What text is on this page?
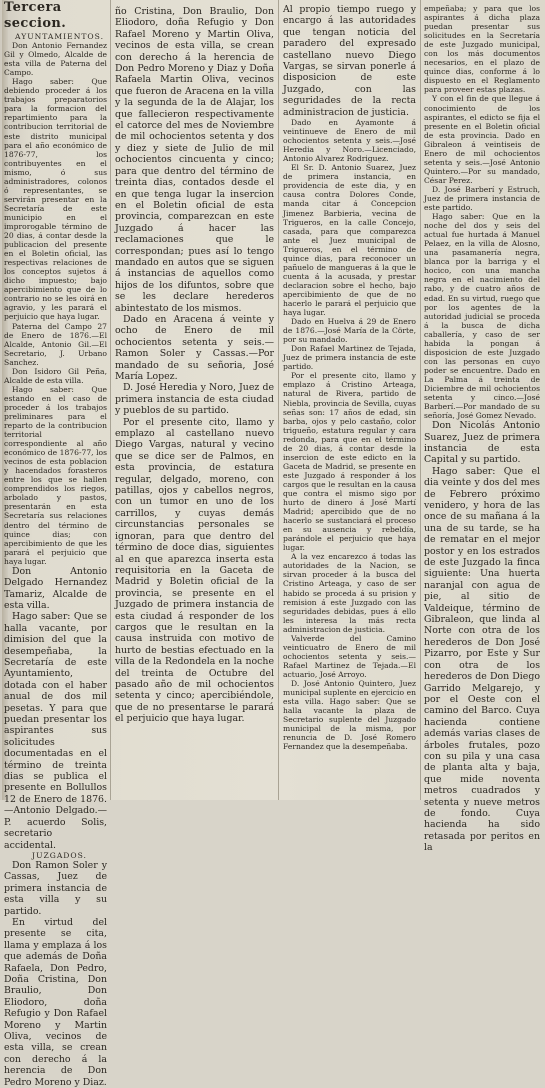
Tercera seccion.

AYUNTAMIENTOS.

Don Antonio Fernandez Gil y Olmedo, Alcalde de esta villa de Paterna del Campo.

Hago saber: Que debiendo proceder á los trabajos preparatorios para la formacion del repartimiento para la contribucion territorial de este distrito municipal para el año económico de 1876-77, los contribuyentes en el mismo, ó sus administradores, colonos ó representantes, se servirán presentar en la Secretaría de este municipio en el improrogable término de 20 dias, á contar desde la publicacion del presente en el Boletin oficial, las respectivas relaciones de los conceptos sujetos á dicho impuesto; bajo apercibimiento que de lo contrario no se les oirá en agravio, y les parará el perjuicio que haya lugar.

Paterna del Campo 27 de Enero de 1876.—El Alcalde, Antonio Gil.—El Secretario, J. Urbano Sanchez.

Don Isidoro Gil Peña, Alcalde de esta villa.

Hago saber: Que estando en el caso de proceder á los trabajos preliminares para el reparto de la contribucion territorial correspondiente al año económico de 1876-77, los vecinos de esta poblacion y hacendados forasteros entre los que se hallen comprendidos los riegos, arbolado y pastos, presentarán en esta Secretaría sus relaciones dentro del término de quince dias; con apercibimiento de que les parará el perjuicio que haya lugar.

Don Antonio Delgado Hernandez Tamariz, Alcalde de esta villa.

Hago saber: Que se halla vacante, por dimision del que la desempeñaba, la Secretaría de este Ayuntamiento, dotada con el haber anual de dos mil pesetas. Y para que puedan presentar los aspirantes sus solicitudes documentadas en el término de treinta dias se publica el presente en Bollullos 12 de Enero de 1876.—Antonio Delgado.—P. acuerdo Solis, secretario accidental.

JUZGADOS.

Don Ramon Soler y Cassas, Juez de primera instancia de esta villa y su partido.

En virtud del presente se cita, llama y emplaza á los que además de Doña Rafaela, Don Pedro, Doña Cristina, Don Braulio, Don Eliodoro, doña Refugio y Don Rafael Moreno y Martin Oliva, vecinos de esta villa, se crean con derecho á la herencia de Don Pedro Moreno y Diaz.

ño Cristina, Don Braulio, Don Eliodoro, doña Refugio y Don Rafael Moreno y Martin Oliva, vecinos de esta villa, se crean con derecho á la herencia de Don Pedro Moreno y Diaz y Doña Rafaela Martin Oliva, vecinos que fueron de Aracena en la villa y la segunda de la de Alajar, los que fallecieron respectivamente el catorce del mes de Noviembre de mil ochocientos setenta y dos y diez y siete de Julio de mil ochocientos cincuenta y cinco; para que dentro del término de treinta dias, contados desde el en que tenga lugar la insercion en el Boletin oficial de esta provincia, comparezcan en este Juzgado á hacer las reclamaciones que le correspondan; pues así lo tengo mandado en autos que se siguen á instancias de aquellos como hijos de los difuntos, sobre que se les declare herederos abintestato de los mismos.

Dado en Aracena á veinte y ocho de Enero de mil ochocientos setenta y seis.—Ramon Soler y Cassas.—Por mandado de su señoria, José María Lopez.

D. José Heredia y Noro, Juez de primera instancia de esta ciudad y pueblos de su partido.

Por el presente cito, llamo y emplazo al castellano nuevo Diego Vargas, natural y vecino que se dice ser de Palmos, en esta provincia, de estatura regular, delgado, moreno, con patillas, ojos y cabellos negros, con un tumor en uno de los carrillos, y cuyas demás circunstancias personales se ignoran, para que dentro del término de doce dias, siguientes al en que aparezca inserta esta requisitoria en la Gaceta de Madrid y Boletin oficial de la provincia, se presente en el Juzgado de primera instancia de esta ciudad á responder de los cargos que le resultan en la causa instruida con motivo de hurto de bestias efectuado en la villa de la Redondela en la noche del treinta de Octubre del pasado año de mil ochocientos setenta y cinco; apercibiéndole, que de no presentarse le parará el perjuicio que haya lugar.

Al propio tiempo ruego y encargo á las autoridades que tengan noticia del paradero del expresado castellano nuevo Diego Vargas, se sirvan ponerle á disposicion de este Juzgado, con las seguridades de la recta administracion de justicia.

Dado en Ayamonte á veintinueve de Enero de mil ochocientos setenta y seis.—José Heredia y Noro.—Licenciado, Antonio Alvarez Rodriguez.

El Sr. D. Antonio Suarez, Juez de primera instancia, en providencia de este dia, y en causa contra Dolores Conde, manda citar á Concepcion Jimenez Barbieria, vecina de Trigueros, en la calle Concejo, casada, para que comparezca ante el Juez municipal de Trigueros, en el término de quince dias, para reconocer un pañuelo de mangueras á la que le cuenta á la acusada, y prestar declaracion sobre el hecho, bajo apercibimiento de que de no hacerlo le parará el perjuicio que haya lugar.

Dado en Huelva á 29 de Enero de 1876.—José María de la Cörte, por su mandado.

Don Rafael Martinez de Tejada, Juez de primera instancia de este partido.

Por el presente cito, llamo y emplazo á Cristino Arteaga, natural de Rivera, partido de Niebla, provincia de Sevilla, cuyas señas son: 17 años de edad, sin barba, ojos y pelo castaño, color trigueño, estatura regular y cara redonda, para que en el término de 20 dias, á contar desde la insercion de este edicto en la Gaceta de Madrid, se presente en este Juzgado á responder á los cargos que le resultan en la causa que contra el mismo sigo por hurto de dinero á José Martí Madrid; apercibido que de no hacerlo se sustanciará el proceso en su ausencia y rebeldía, parándole el perjuicio que haya lugar.

A la vez encarezco á todas las autoridades de la Nacion, se sirvan proceder á la busca del Cristino Arteaga, y caso de ser habido se proceda á su prision y remision á este Juzgado con las seguridades debidas, pues á ello les interesa la más recta administracion de justicia.

Valverde del Camino veinticuatro de Enero de mil ochocientos setenta y seis.—Rafael Martinez de Tejada.—El actuario, José Arroyo.

D. José Antonio Quintero, Juez municipal suplente en ejercicio en esta villa. Hago saber: Que se halla vacante la plaza de Secretario suplente del Juzgado municipal de la misma, por renuncia de D. José Romero Fernandez que la desempeñaba.

empeñaba; y para que los aspirantes á dicha plaza puedan presentar sus solicitudes en la Secretaría de este Juzgado municipal, con los más documentos necesarios, en el plazo de quince dias, conforme á lo dispuesto en el Reglamento para proveer estas plazas.

Y con el fin de que llegue á conocimiento de los aspirantes, el edicto se fija el presente en el Boletin oficial de esta provincia. Dado en Gibraleon á veintiseis de Enero de mil ochocientos setenta y seis.—José Antonio Quintero.—Por su mandado, César Perez.

D. José Barberí y Estruch, Juez de primera instancia de este partido.

Hago saber: Que en la noche del dos y seis del actual fue hurtada á Manuel Pelaez, en la villa de Alosno, una pasamanería negra, blanca por la barriga y el hocico, con una mancha negra en el nacimiento del rabo, y de cuatro años de edad. En su virtud, ruego que por los agentes de la autoridad judicial se proceda á la busca de dicha caballería, y caso de ser habida la pongan á disposicion de este Juzgado con las personas en cuyo poder se encuentre. Dado en La Palma á treinta de Diciembre de mil ochocientos setenta y cinco.—José Barberí.—Por mandado de su señoría, José Gomez Nevado.

Don Nicolás Antonio Suarez, Juez de primera instancia de esta Capital y su partido.

Hago saber: Que el dia veinte y dos del mes de Febrero próximo venidero, y hora de las once de su mañana á la una de su tarde, se ha de rematar en el mejor postor y en los estrados de este Juzgado la finca siguiente: Una huerta naranjal con agua de pie, al sitio de Valdeique, término de Gibraleon, que linda al Norte con otra de los herederos de Don José Pizarro, por Este y Sur con otra de los herederos de Don Diego Garrido Melgarejo, y por el Oeste con el camino del Barco. Cuya hacienda contiene además varias clases de árboles frutales, pozo con su pila y una casa de planta alta y baja, que mide noventa metros cuadrados y setenta y nueve metros de fondo. Cuya hacienda ha sido retasada por peritos en la
